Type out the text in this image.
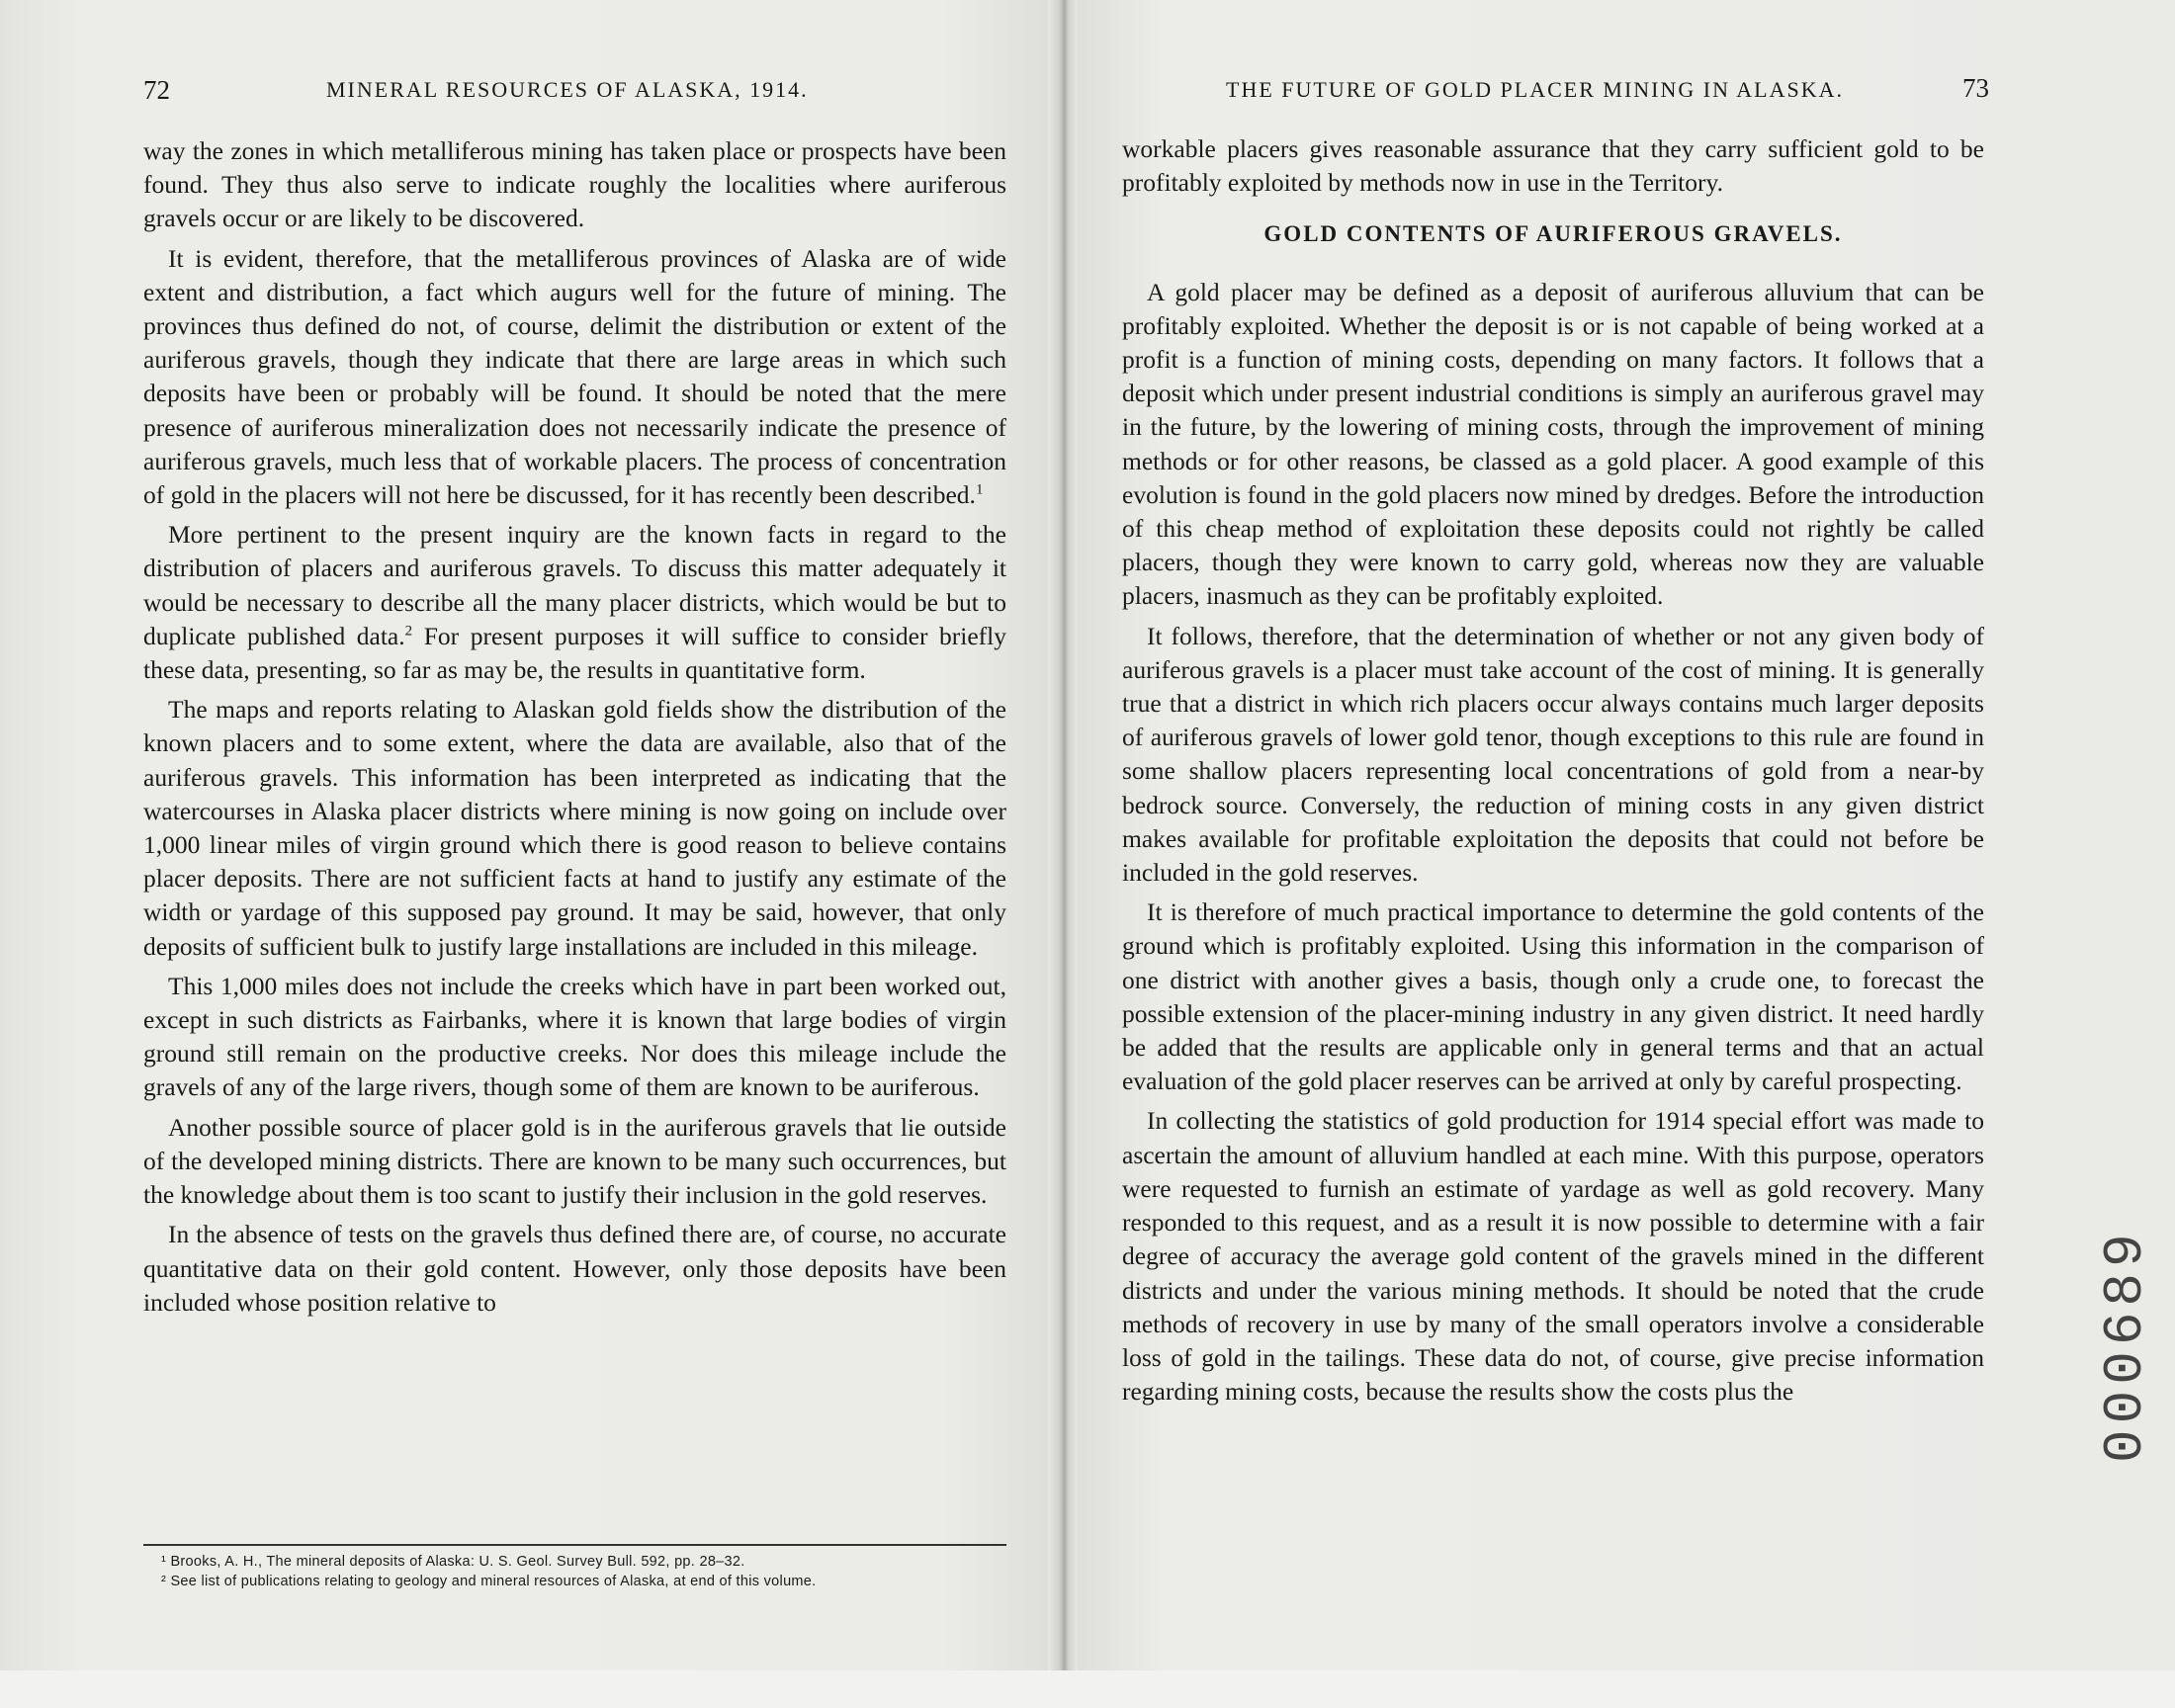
72	MINERAL RESOURCES OF ALASKA, 1914.

way the zones in which metalliferous mining has taken place or prospects have been found. They thus also serve to indicate roughly the localities where auriferous gravels occur or are likely to be discovered.

It is evident, therefore, that the metalliferous provinces of Alaska are of wide extent and distribution, a fact which augurs well for the future of mining. The provinces thus defined do not, of course, delimit the distribution or extent of the auriferous gravels, though they indicate that there are large areas in which such deposits have been or probably will be found. It should be noted that the mere presence of auriferous mineralization does not necessarily indicate the presence of auriferous gravels, much less that of workable placers. The process of concentration of gold in the placers will not here be discussed, for it has recently been described.$^1$

More pertinent to the present inquiry are the known facts in regard to the distribution of placers and auriferous gravels. To discuss this matter adequately it would be necessary to describe all the many placer districts, which would be but to duplicate published data.$^2$ For present purposes it will suffice to consider briefly these data, presenting, so far as may be, the results in quantitative form.

The maps and reports relating to Alaskan gold fields show the distribution of the known placers and to some extent, where the data are available, also that of the auriferous gravels. This information has been interpreted as indicating that the watercourses in Alaska placer districts where mining is now going on include over 1,000 linear miles of virgin ground which there is good reason to believe contains placer deposits. There are not sufficient facts at hand to justify any estimate of the width or yardage of this supposed pay ground. It may be said, however, that only deposits of sufficient bulk to justify large installations are included in this mileage.

This 1,000 miles does not include the creeks which have in part been worked out, except in such districts as Fairbanks, where it is known that large bodies of virgin ground still remain on the productive creeks. Nor does this mileage include the gravels of any of the large rivers, though some of them are known to be auriferous.

Another possible source of placer gold is in the auriferous gravels that lie outside of the developed mining districts. There are known to be many such occurrences, but the knowledge about them is too scant to justify their inclusion in the gold reserves.

In the absence of tests on the gravels thus defined there are, of course, no accurate quantitative data on their gold content. However, only those deposits have been included whose position relative to

¹ Brooks, A. H., The mineral deposits of Alaska: U. S. Geol. Survey Bull. 592, pp. 28–32.

² See list of publications relating to geology and mineral resources of Alaska, at end of this volume.

THE FUTURE OF GOLD PLACER MINING IN ALASKA.	73

workable placers gives reasonable assurance that they carry sufficient gold to be profitably exploited by methods now in use in the Territory.

GOLD CONTENTS OF AURIFEROUS GRAVELS.

A gold placer may be defined as a deposit of auriferous alluvium that can be profitably exploited. Whether the deposit is or is not capable of being worked at a profit is a function of mining costs, depending on many factors. It follows that a deposit which under present industrial conditions is simply an auriferous gravel may in the future, by the lowering of mining costs, through the improvement of mining methods or for other reasons, be classed as a gold placer. A good example of this evolution is found in the gold placers now mined by dredges. Before the introduction of this cheap method of exploitation these deposits could not rightly be called placers, though they were known to carry gold, whereas now they are valuable placers, inasmuch as they can be profitably exploited.

It follows, therefore, that the determination of whether or not any given body of auriferous gravels is a placer must take account of the cost of mining. It is generally true that a district in which rich placers occur always contains much larger deposits of auriferous gravels of lower gold tenor, though exceptions to this rule are found in some shallow placers representing local concentrations of gold from a near-by bedrock source. Conversely, the reduction of mining costs in any given district makes available for profitable exploitation the deposits that could not before be included in the gold reserves.

It is therefore of much practical importance to determine the gold contents of the ground which is profitably exploited. Using this information in the comparison of one district with another gives a basis, though only a crude one, to forecast the possible extension of the placer-mining industry in any given district. It need hardly be added that the results are applicable only in general terms and that an actual evaluation of the gold placer reserves can be arrived at only by careful prospecting.

In collecting the statistics of gold production for 1914 special effort was made to ascertain the amount of alluvium handled at each mine. With this purpose, operators were requested to furnish an estimate of yardage as well as gold recovery. Many responded to this request, and as a result it is now possible to determine with a fair degree of accuracy the average gold content of the gravels mined in the different districts and under the various mining methods. It should be noted that the crude methods of recovery in use by many of the small operators involve a considerable loss of gold in the tailings. These data do not, of course, give precise information regarding mining costs, because the results show the costs plus the	000689
